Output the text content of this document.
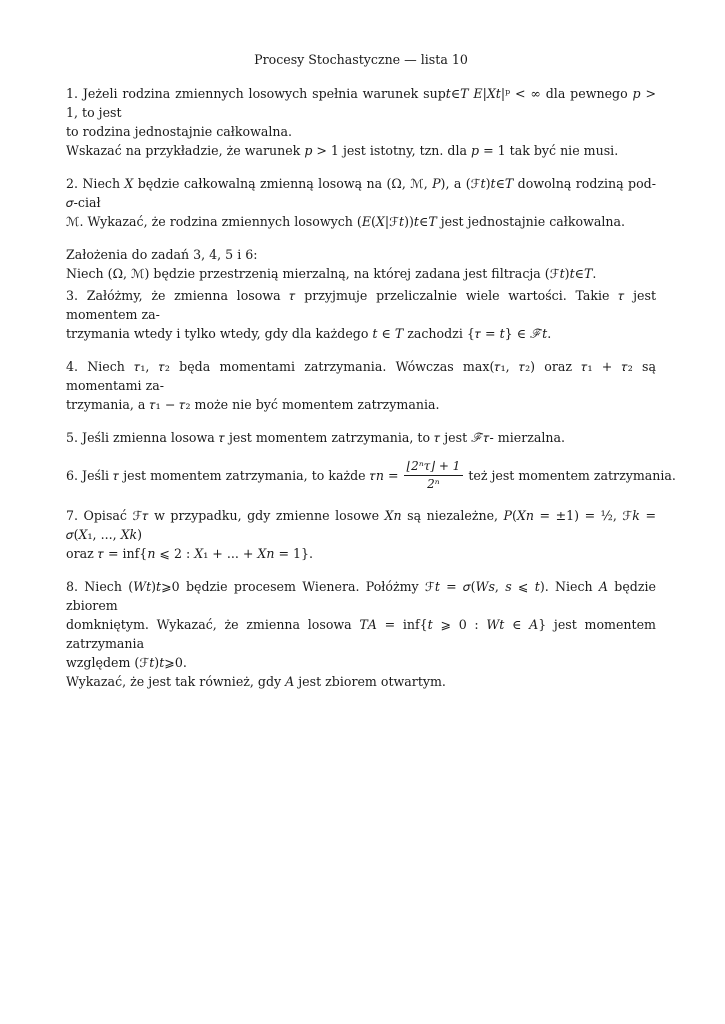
Procesy Stochastyczne — lista 10
1. Jeżeli rodzina zmiennych losowych spełnia warunek sup𝑡∈𝑇 𝐸|𝑋𝑡|ᵖ < ∞ dla pewnego 𝑝 > 1, to jest
to rodzina jednostajnie całkowalna.
Wskazać na przykładzie, że warunek 𝑝 > 1 jest istotny, tzn. dla 𝑝 = 1 tak być nie musi.
2. Niech 𝑋 będzie całkowalną zmienną losową na (Ω, ℳ, 𝑃), a (ℱ𝑡)𝑡∈𝑇 dowolną rodziną pod-𝜎-ciał
ℳ. Wykazać, że rodzina zmiennych losowych (𝐸(𝑋|ℱ𝑡))𝑡∈𝑇 jest jednostajnie całkowalna.
Założenia do zadań 3, 4, 5 i 6:
Niech (Ω, ℳ) będzie przestrzenią mierzalną, na której zadana jest filtracja (ℱ𝑡)𝑡∈𝑇.
3. Załóżmy, że zmienna losowa 𝜏 przyjmuje przeliczalnie wiele wartości. Takie 𝜏 jest momentem za-
trzymania wtedy i tylko wtedy, gdy dla każdego 𝑡 ∈ 𝑇 zachodzi {𝜏 = 𝑡} ∈ ℱ𝑡.
4. Niech 𝜏₁, 𝜏₂ będa momentami zatrzymania. Wówczas max(𝜏₁, 𝜏₂) oraz 𝜏₁ + 𝜏₂ są momentami za-
trzymania, a 𝜏₁ − 𝜏₂ może nie być momentem zatrzymania.
5. Jeśli zmienna losowa 𝜏 jest momentem zatrzymania, to 𝜏 jest ℱ𝜏- mierzalna.
6. Jeśli 𝜏 jest momentem zatrzymania, to każde 𝜏𝑛 = $\frac{\text{⌊2ⁿ𝜏⌋ + 1}}{\text{2ⁿ}}$ też jest momentem zatrzymania.
7. Opisać ℱ𝜏 w przypadku, gdy zmienne losowe 𝑋𝑛 są niezależne, 𝑃(𝑋𝑛 = ±1) = ½, ℱ𝑘 = 𝜎(𝑋₁, ..., 𝑋𝑘)
oraz 𝜏 = inf{𝑛 ⩽ 2 : 𝑋₁ + ... + 𝑋𝑛 = 1}.
8. Niech (𝑊𝑡)𝑡⩾0 będzie procesem Wienera. Połóżmy ℱ𝑡 = 𝜎(𝑊𝑠, 𝑠 ⩽ 𝑡). Niech 𝐴 będzie zbiorem
domkniętym. Wykazać, że zmienna losowa 𝑇𝐴 = inf{𝑡 ⩾ 0 : 𝑊𝑡 ∈ 𝐴} jest momentem zatrzymania
względem (ℱ𝑡)𝑡⩾0.
Wykazać, że jest tak również, gdy 𝐴 jest zbiorem otwartym.
